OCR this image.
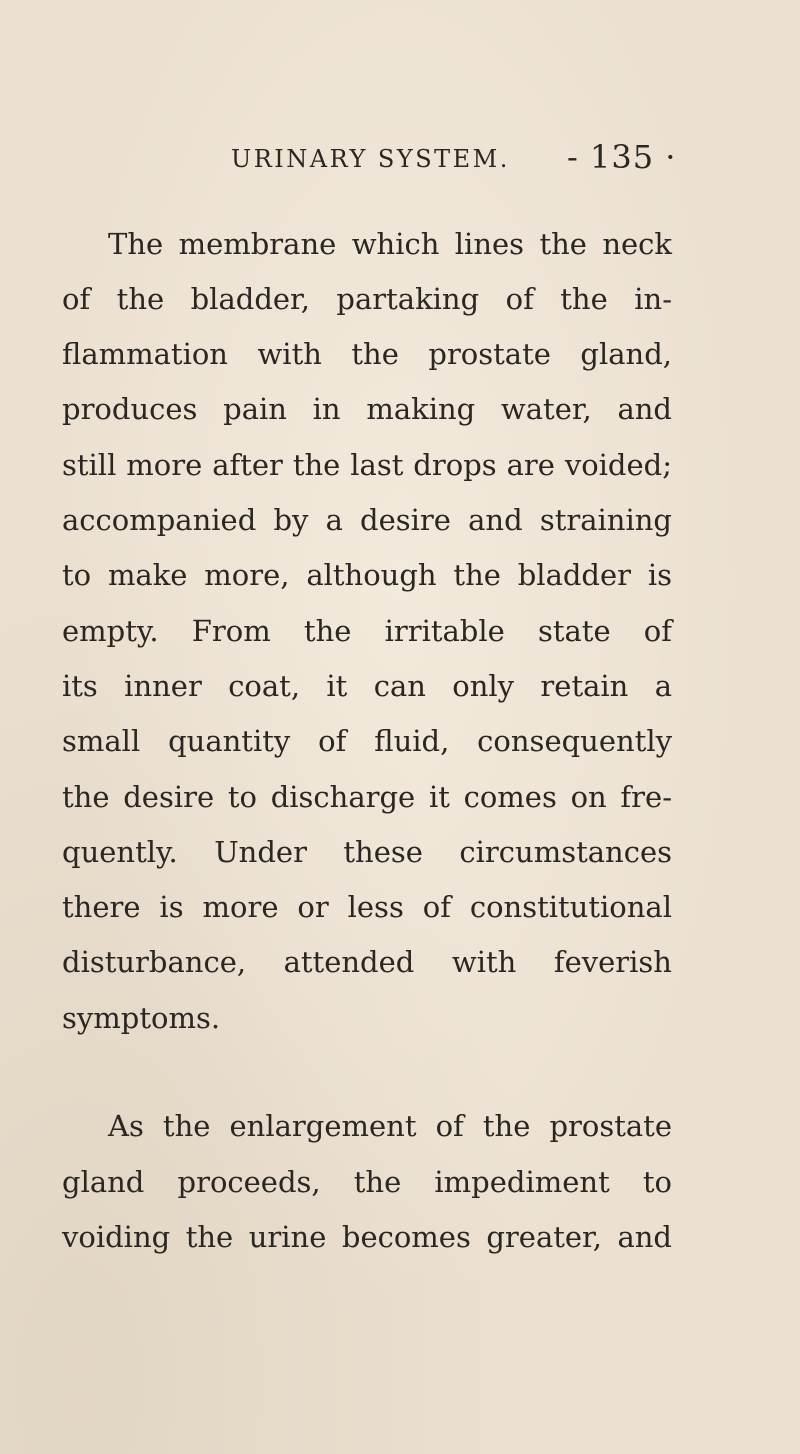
URINARY SYSTEM. - 135 ·
The membrane which lines the neck
of the bladder, partaking of the in-
flammation with the prostate gland,
produces pain in making water, and
still more after the last drops are voided;
accompanied by a desire and straining
to make more, although the bladder is
empty. From the irritable state of
its inner coat, it can only retain a
small quantity of fluid, consequently
the desire to discharge it comes on fre-
quently. Under these circumstances
there is more or less of constitutional
disturbance, attended with feverish
symptoms.
As the enlargement of the prostate
gland proceeds, the impediment to
voiding the urine becomes greater, and
